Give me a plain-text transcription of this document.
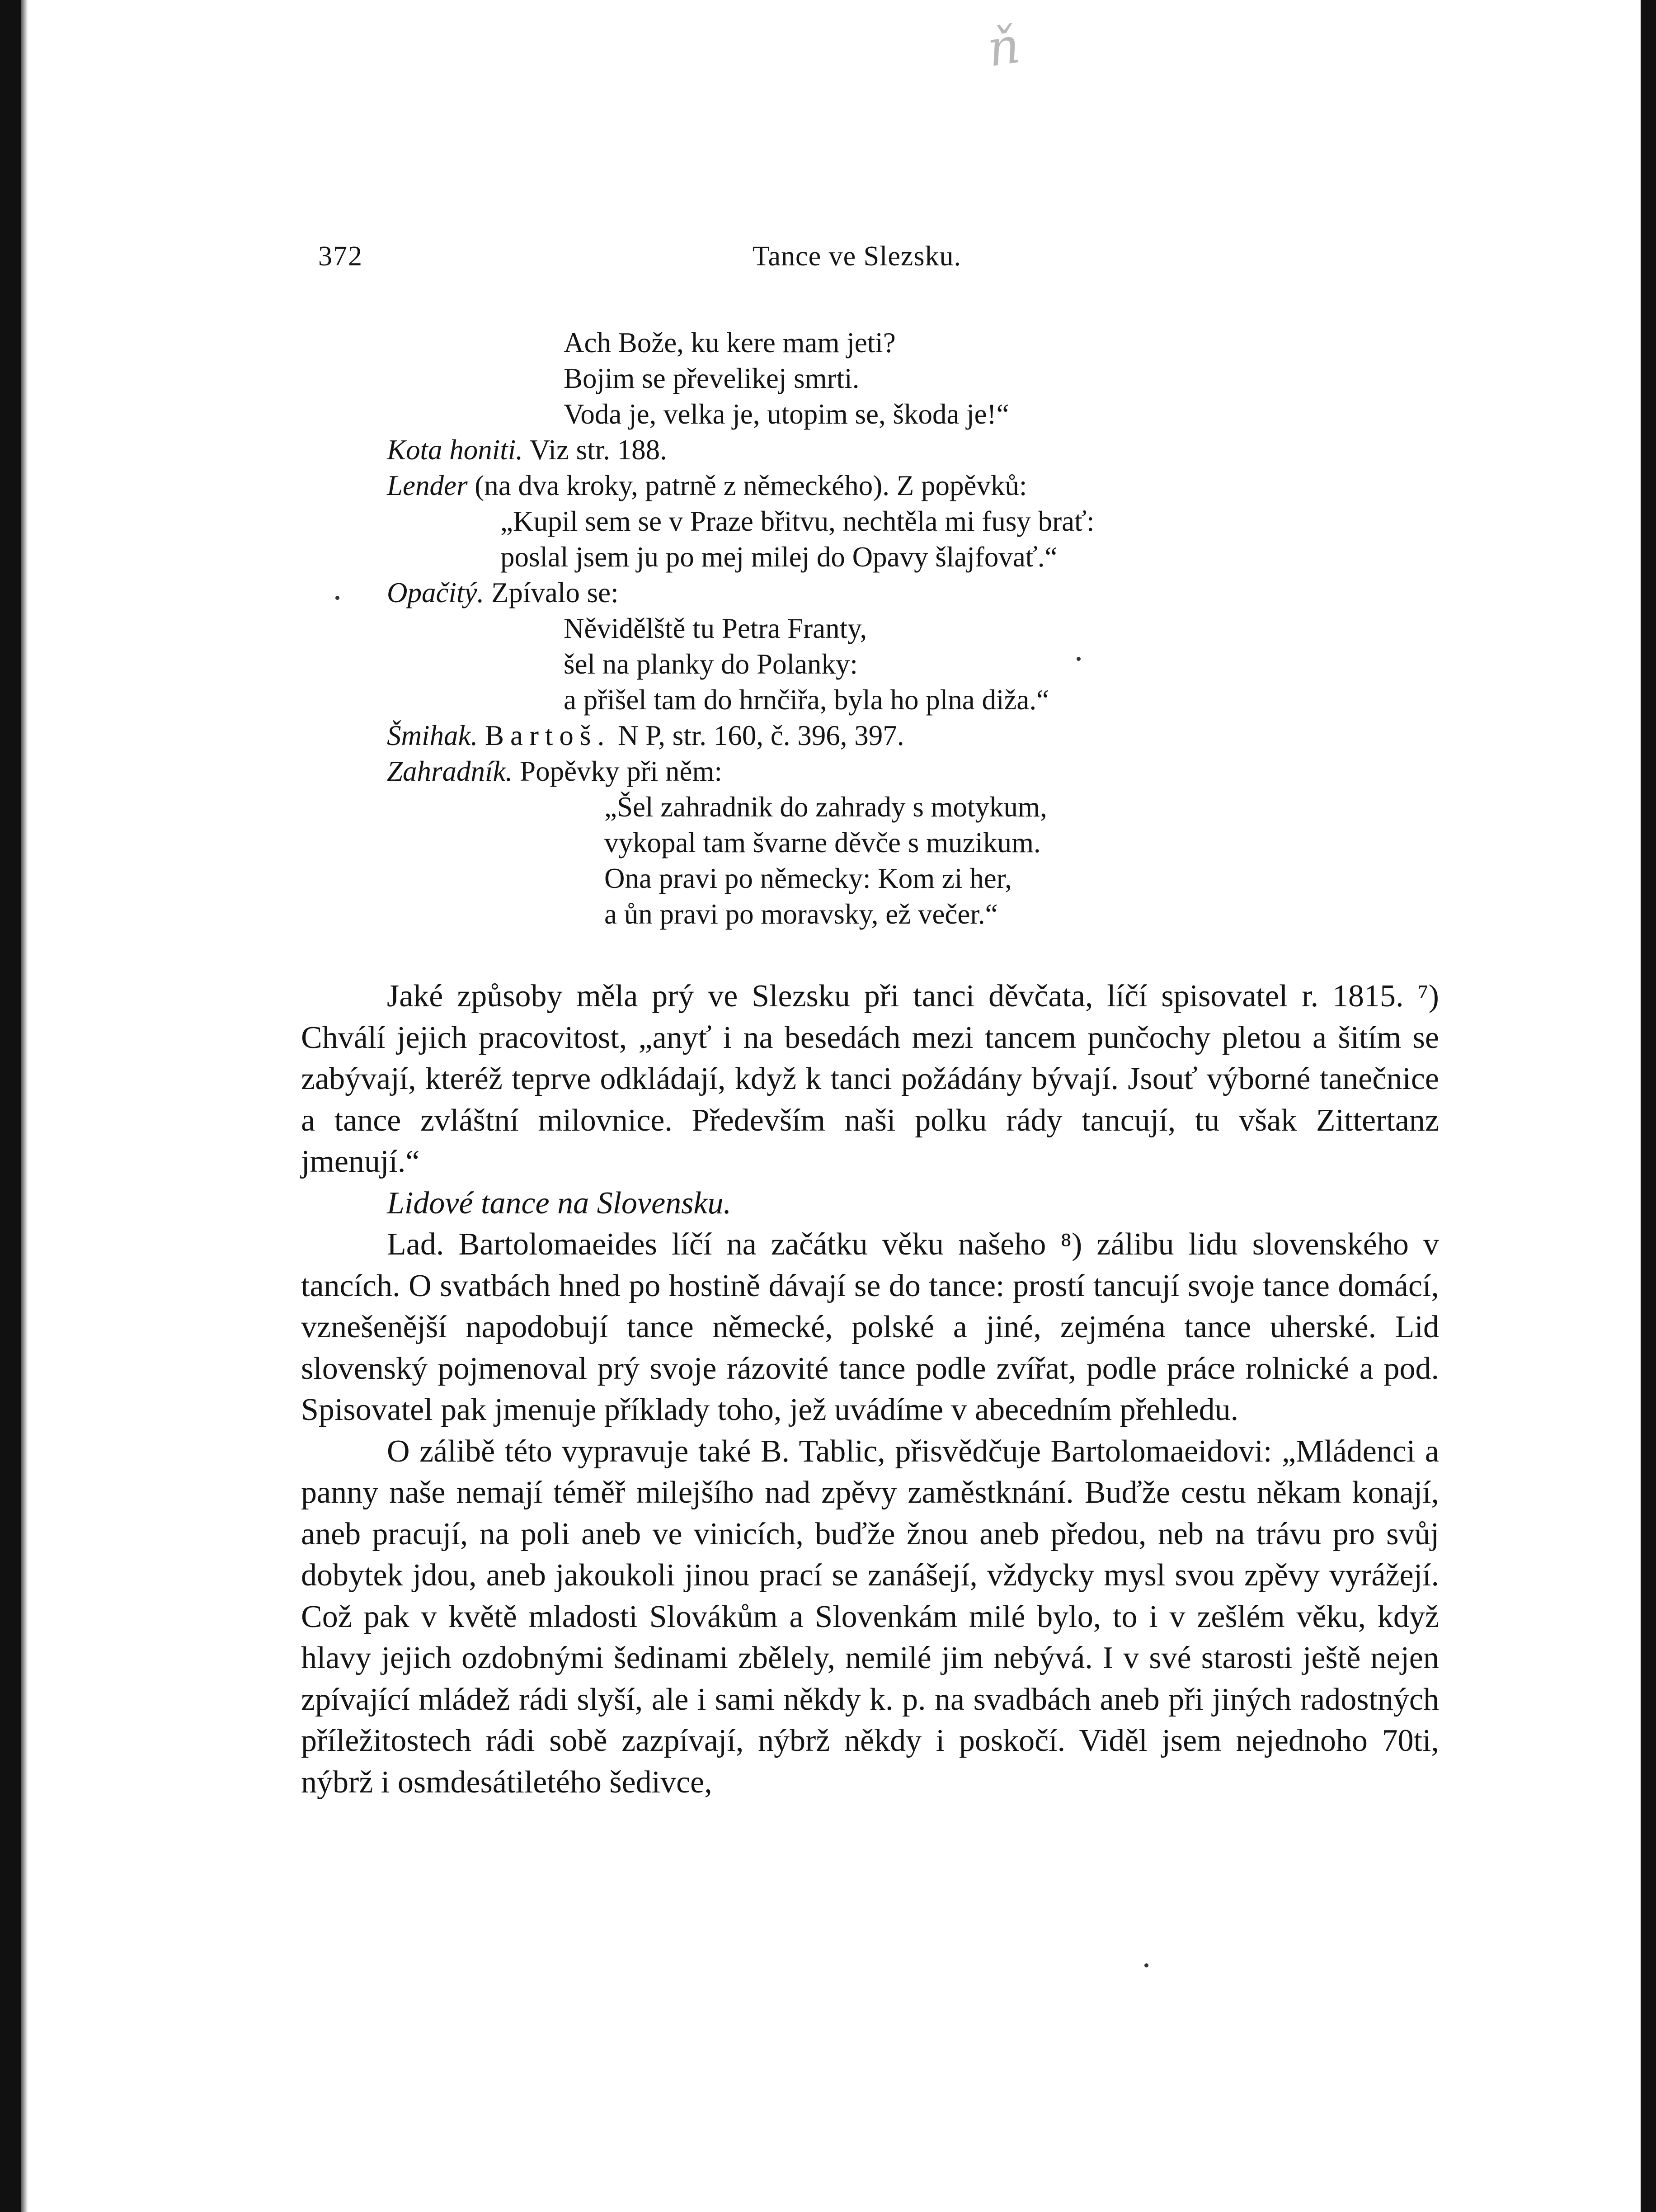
ň
372	Tance ve Slezsku.
Ach Bože, ku kere mam jeti?
Bojim se převelikej smrti.
Voda je, velka je, utopim se, škoda je!“
Kota honiti. Viz str. 188.
Lender (na dva kroky, patrně z německého). Z popěvků:
„Kupil sem se v Praze břitvu, nechtěla mi fusy brať:
poslal jsem ju po mej milej do Opavy šlajfovať.“
Opačitý. Zpívalo se:
Něvidělště tu Petra Franty,
šel na planky do Polanky:
a přišel tam do hrnčiřa, byla ho plna diža.“
Šmihak. Bartoš. N P, str. 160, č. 396, 397.
Zahradník. Popěvky při něm:
„Šel zahradnik do zahrady s motykum,
vykopal tam švarne děvče s muzikum.
Ona pravi po německy: Kom zi her,
a ůn pravi po moravsky, ež večer.“

Jaké způsoby měla prý ve Slezsku při tanci děvčata, líčí spisovatel r. 1815. ⁷) Chválí jejich pracovitost, „anyť i na besedách mezi tancem punčochy pletou a šitím se zabývají, kteréž teprve odkládají, když k tanci požádány bývají. Jsouť výborné tanečnice a tance zvláštní milovnice. Především naši polku rády tancují, tu však Zittertanz jmenují.“

Lidové tance na Slovensku.

Lad. Bartolomaeides líčí na začátku věku našeho ⁸) zálibu lidu slovenského v tancích. O svatbách hned po hostině dávají se do tance: prostí tancují svoje tance domácí, vznešenější napodobují tance německé, polské a jiné, zejména tance uherské. Lid slovenský pojmenoval prý svoje rázovité tance podle zvířat, podle práce rolnické a pod. Spisovatel pak jmenuje příklady toho, jež uvádíme v abecedním přehledu.

O zálibě této vypravuje také B. Tablic, přisvědčuje Bartolomaeidovi: „Mládenci a panny naše nemají téměř milejšího nad zpěvy zaměstknání. Buďže cestu někam konají, aneb pracují, na poli aneb ve vinicích, buďže žnou aneb předou, neb na trávu pro svůj dobytek jdou, aneb jakoukoli jinou prací se zanášejí, vždycky mysl svou zpěvy vyrážejí. Což pak v květě mladosti Slovákům a Slovenkám milé bylo, to i v zešlém věku, když hlavy jejich ozdobnými šedinami zbělely, nemilé jim nebývá. I v své starosti ještě nejen zpívající mládež rádi slyší, ale i sami někdy k. p. na svadbách aneb při jiných radostných příležitostech rádi sobě zazpívají, nýbrž někdy i poskočí. Viděl jsem nejednoho 70ti, nýbrž i osmdesátiletého šedivce,
